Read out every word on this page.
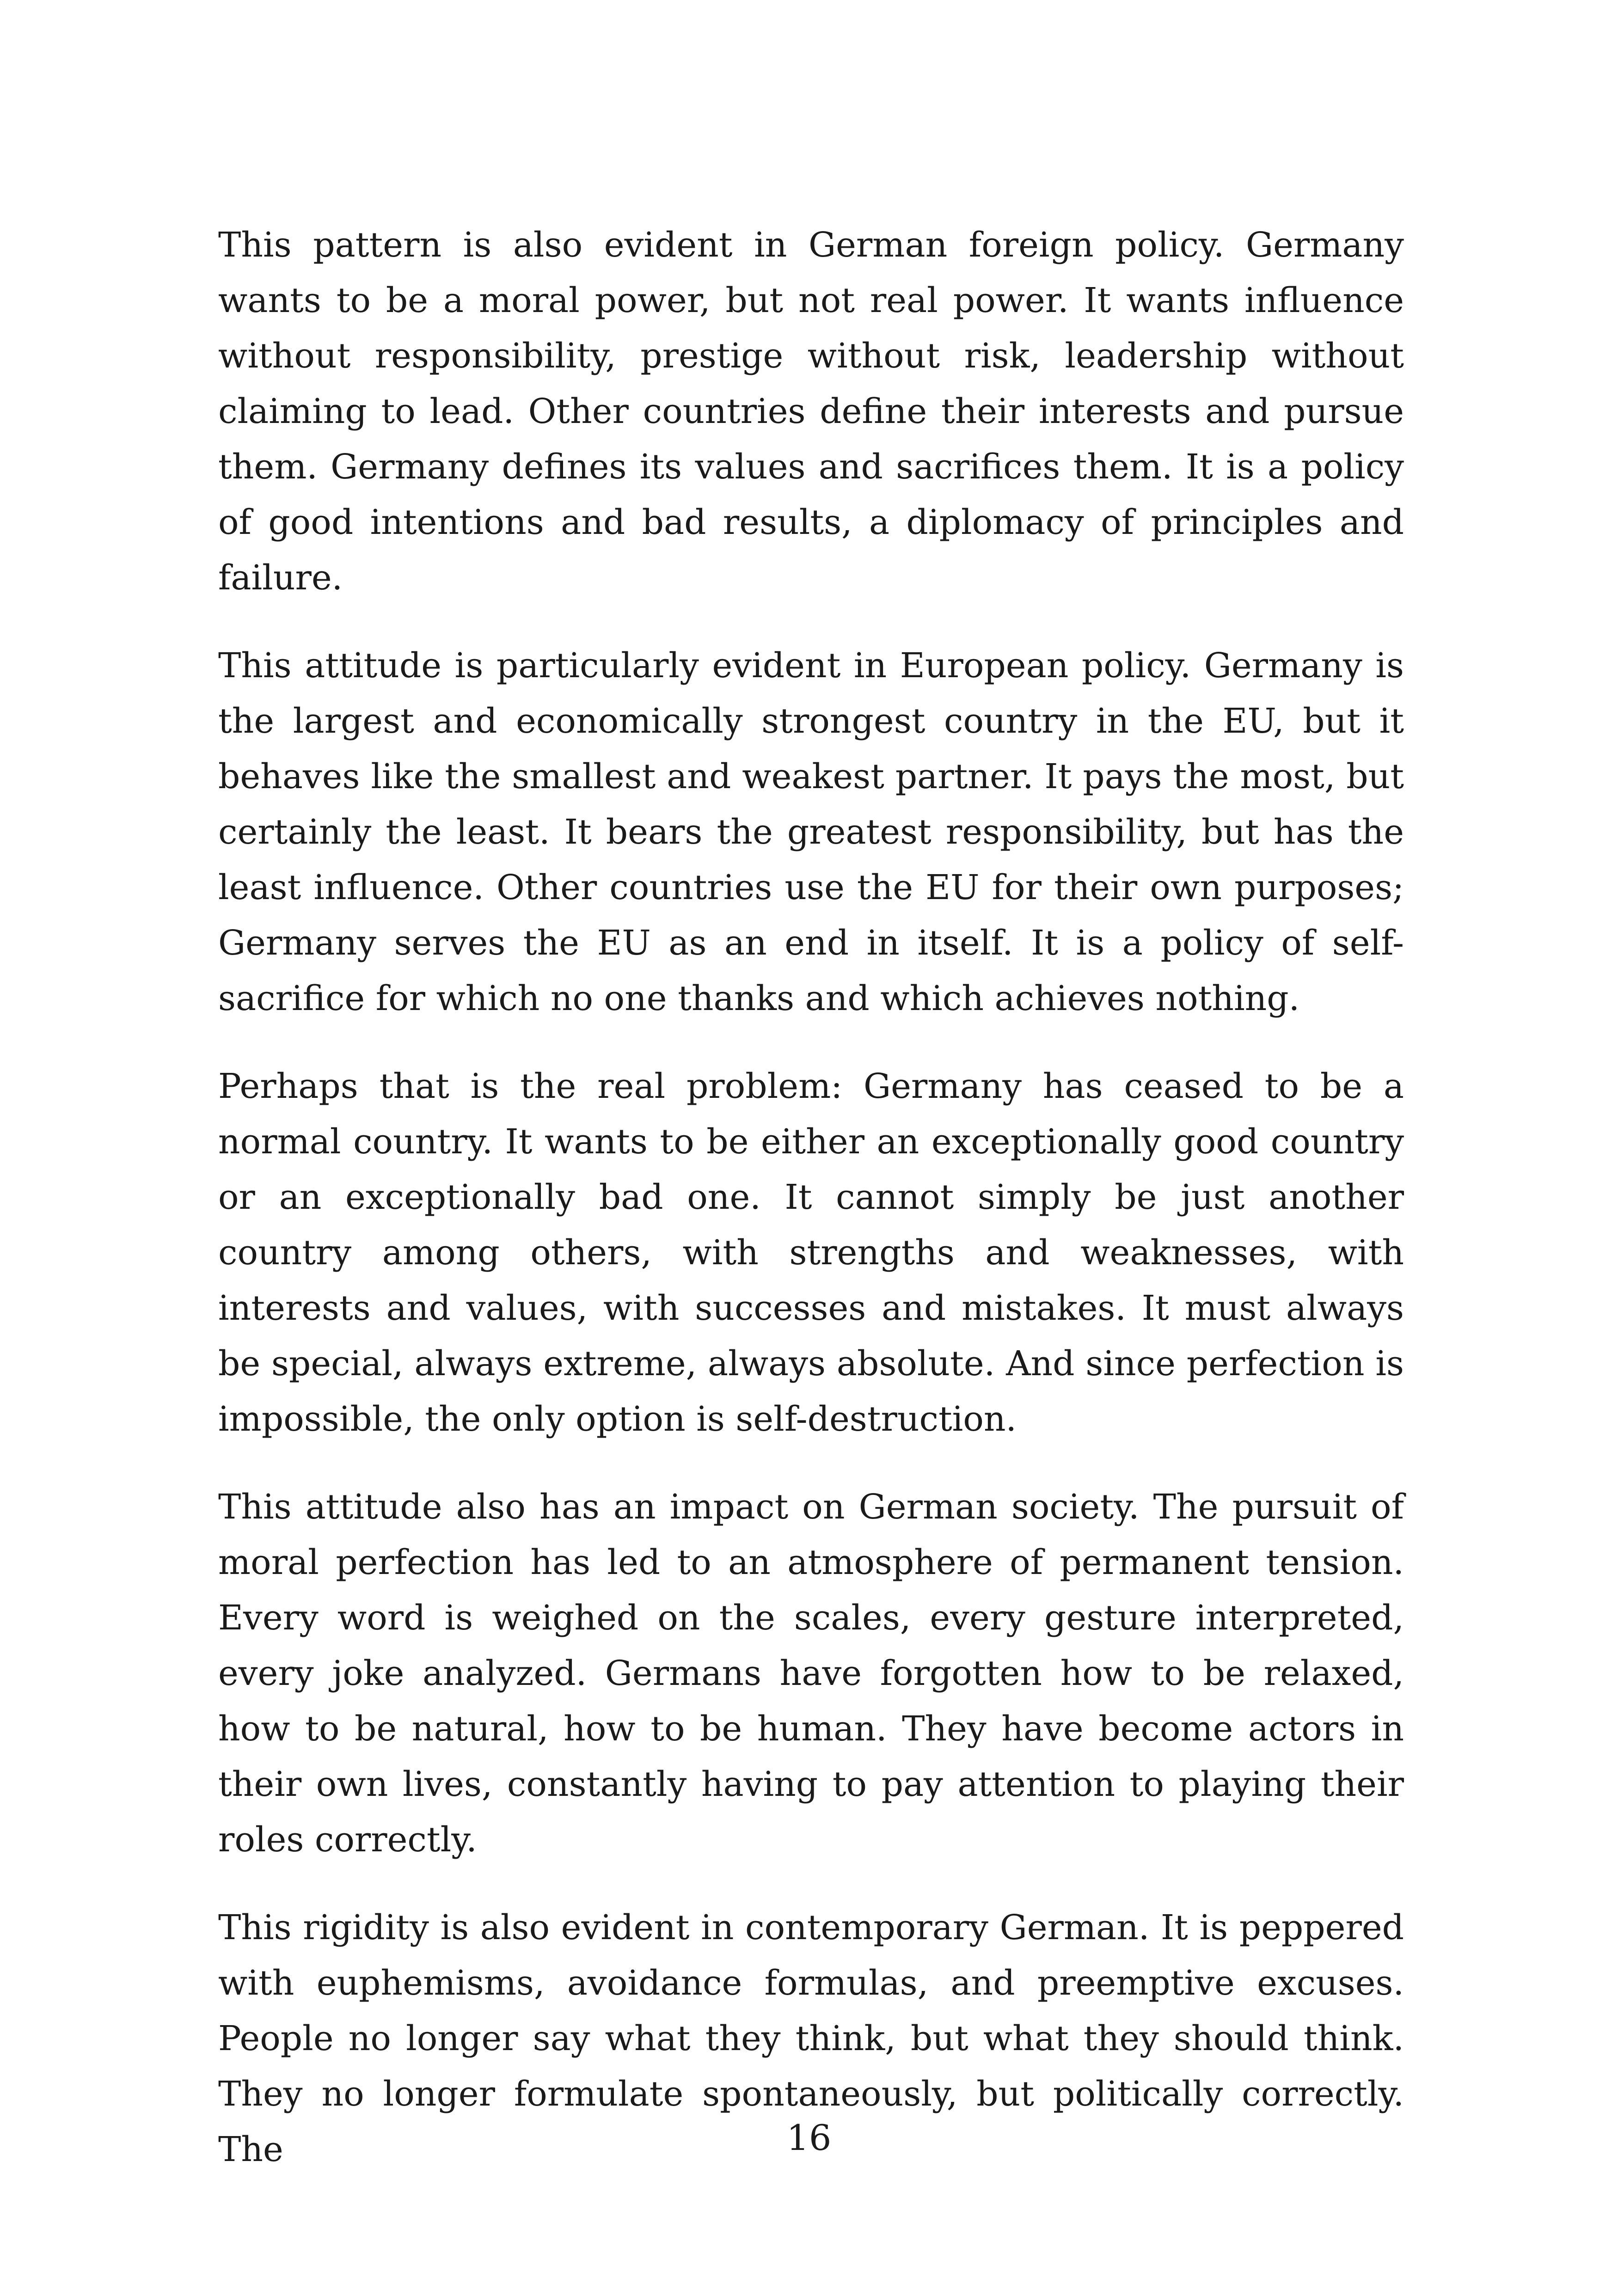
This pattern is also evident in German foreign policy. Germany wants to be a moral power, but not real power. It wants influence without responsibility, prestige without risk, leadership without claiming to lead. Other countries define their interests and pursue them. Germany defines its values and sacrifices them. It is a policy of good intentions and bad results, a diplomacy of principles and failure.

This attitude is particularly evident in European policy. Germany is the largest and economically strongest country in the EU, but it behaves like the smallest and weakest partner. It pays the most, but certainly the least. It bears the greatest responsibility, but has the least influence. Other countries use the EU for their own purposes; Germany serves the EU as an end in itself. It is a policy of self-sacrifice for which no one thanks and which achieves nothing.

Perhaps that is the real problem: Germany has ceased to be a normal country. It wants to be either an exceptionally good country or an exceptionally bad one. It cannot simply be just another country among others, with strengths and weaknesses, with interests and values, with successes and mistakes. It must always be special, always extreme, always absolute. And since perfection is impossible, the only option is self-destruction.

This attitude also has an impact on German society. The pursuit of moral perfection has led to an atmosphere of permanent tension. Every word is weighed on the scales, every gesture interpreted, every joke analyzed. Germans have forgotten how to be relaxed, how to be natural, how to be human. They have become actors in their own lives, constantly having to pay attention to playing their roles correctly.

This rigidity is also evident in contemporary German. It is peppered with euphemisms, avoidance formulas, and preemptive excuses. People no longer say what they think, but what they should think. They no longer formulate spontaneously, but politically correctly. The	16
